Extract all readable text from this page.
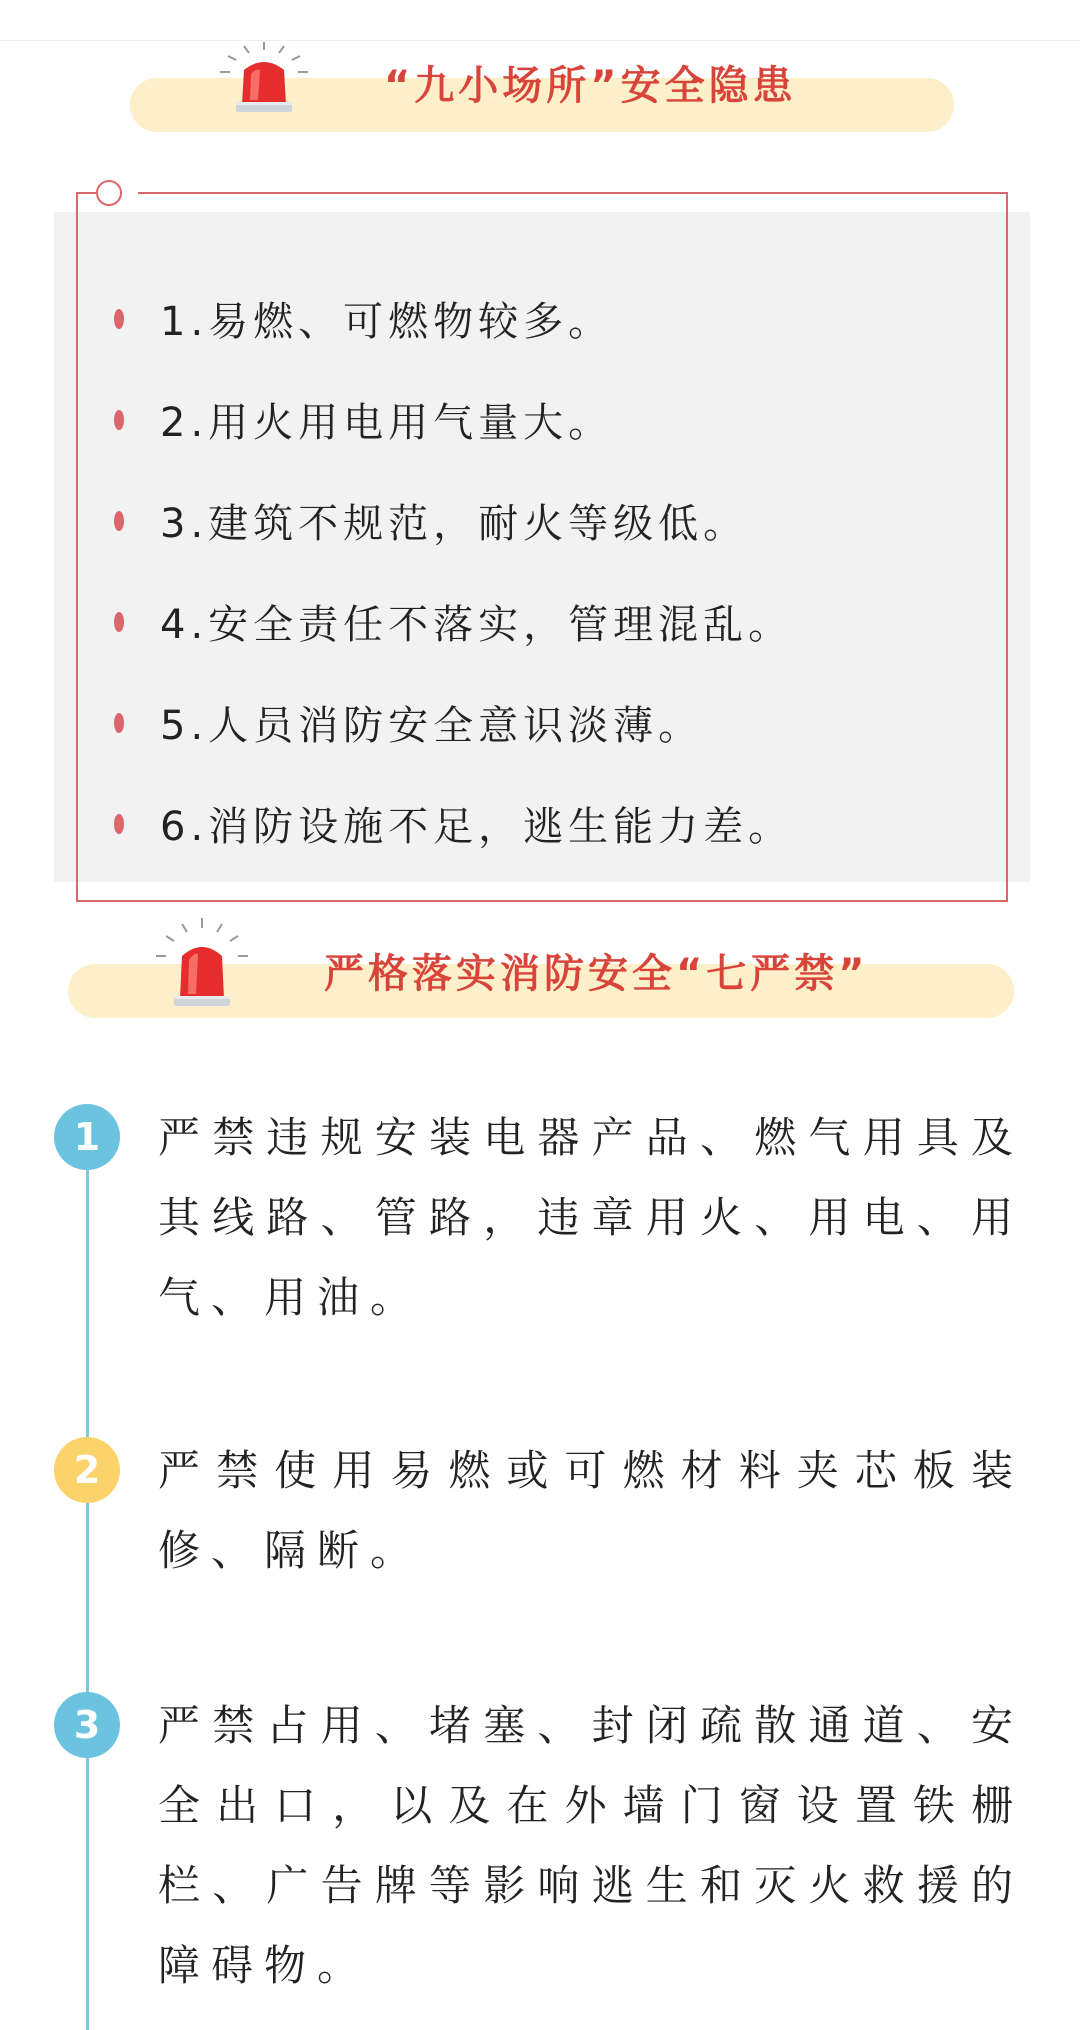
“九小场所”安全隐患
1.易燃、可燃物较多。
2.用火用电用气量大。
3.建筑不规范，耐火等级低。
4.安全责任不落实，管理混乱。
5.人员消防安全意识淡薄。
6.消防设施不足，逃生能力差。
严格落实消防安全“七严禁”
1	严禁违规安装电器产品、燃气用具及其线路、管路，违章用火、用电、用气、用油。
2	严禁使用易燃或可燃材料夹芯板装修、隔断。
3	严禁占用、堵塞、封闭疏散通道、安全出口，以及在外墙门窗设置铁栅栏、广告牌等影响逃生和灭火救援的障碍物。
